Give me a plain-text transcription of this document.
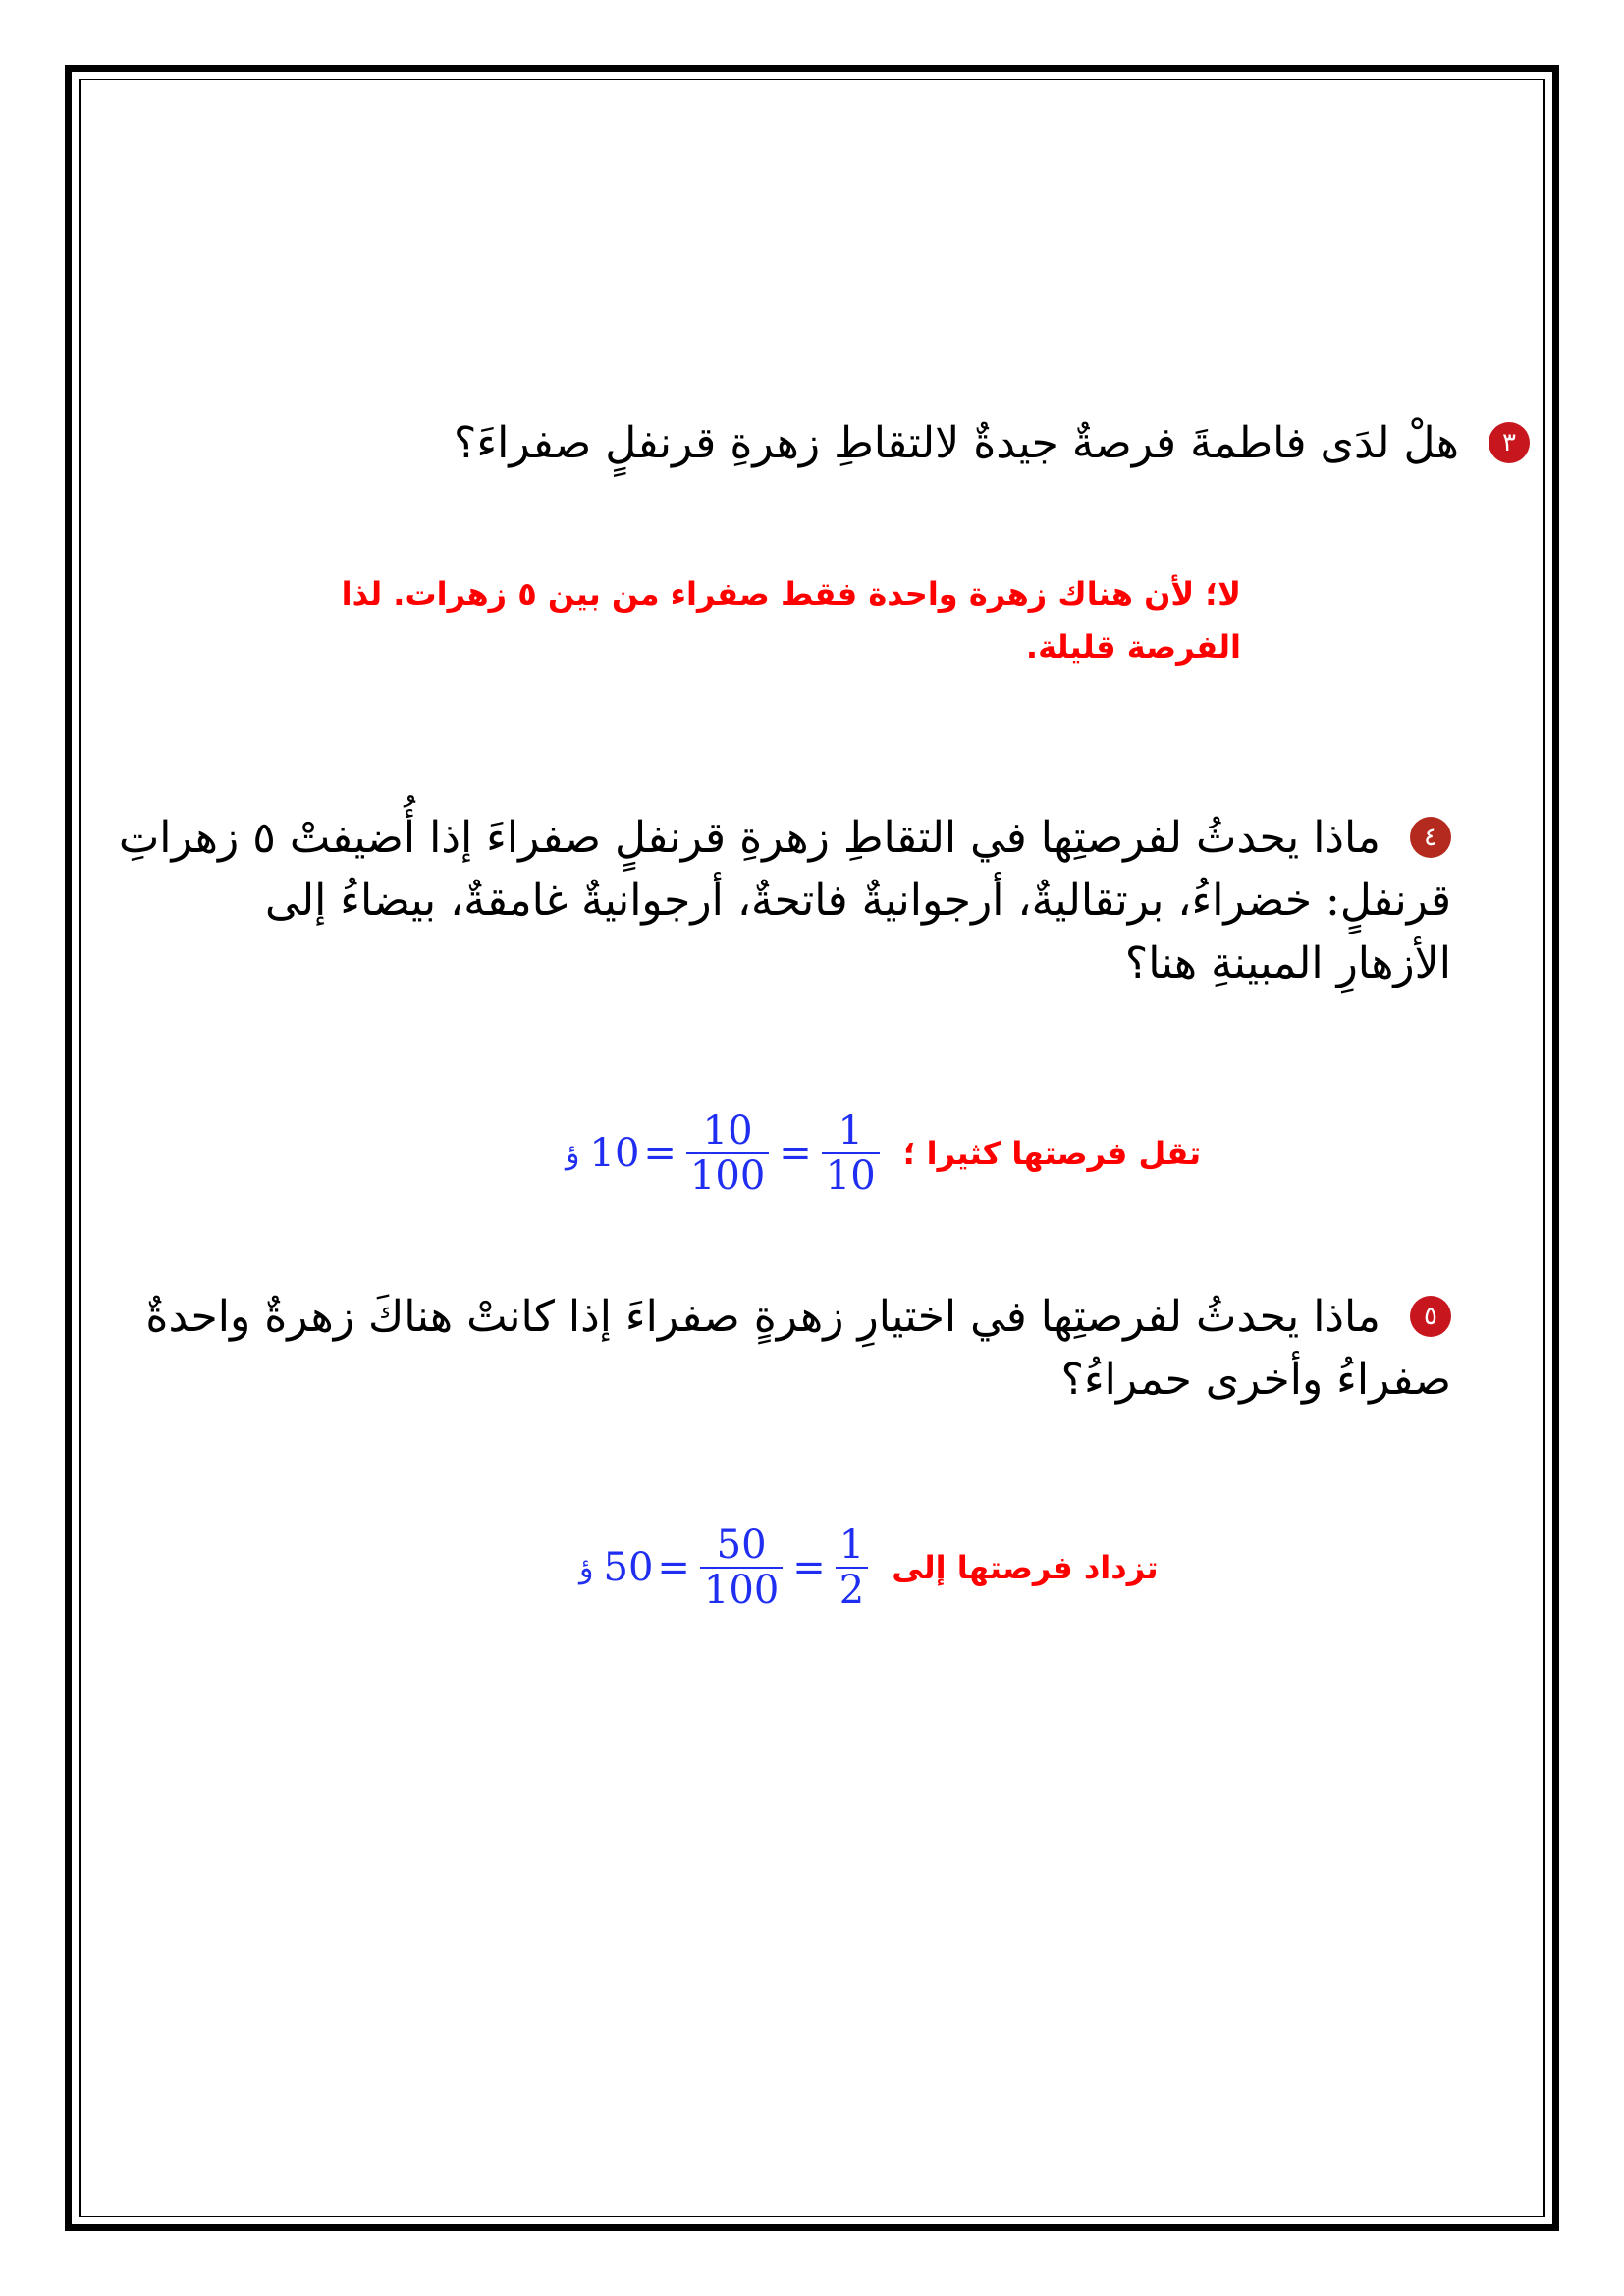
٣ هلْ لدَى فاطمةَ فرصةٌ جيدةٌ لالتقاطِ زهرةِ قرنفلٍ صفراءَ؟
لا؛ لأن هناك زهرة واحدة فقط صفراء من بين ٥ زهرات. لذا
الفرصة قليلة.
٤ ماذا يحدثُ لفرصتِها في التقاطِ زهرةِ قرنفلٍ صفراءَ إذا أُضيفتْ ٥ زهراتِ
قرنفلٍ: خضراءُ، برتقاليةٌ، أرجوانيةٌ فاتحةٌ، أرجوانيةٌ غامقةٌ، بيضاءُ إلى
الأزهارِ المبينةِ هنا؟
ؤ $10 = \frac{10}{100} = \frac{1}{10}$ تقل فرصتها كثيرا ؛
٥ ماذا يحدثُ لفرصتِها في اختيارِ زهرةٍ صفراءَ إذا كانتْ هناكَ زهرةٌ واحدةٌ
صفراءُ وأخرى حمراءُ؟
ؤ $50 = \frac{50}{100} = \frac{1}{2}$ تزداد فرصتها إلى
